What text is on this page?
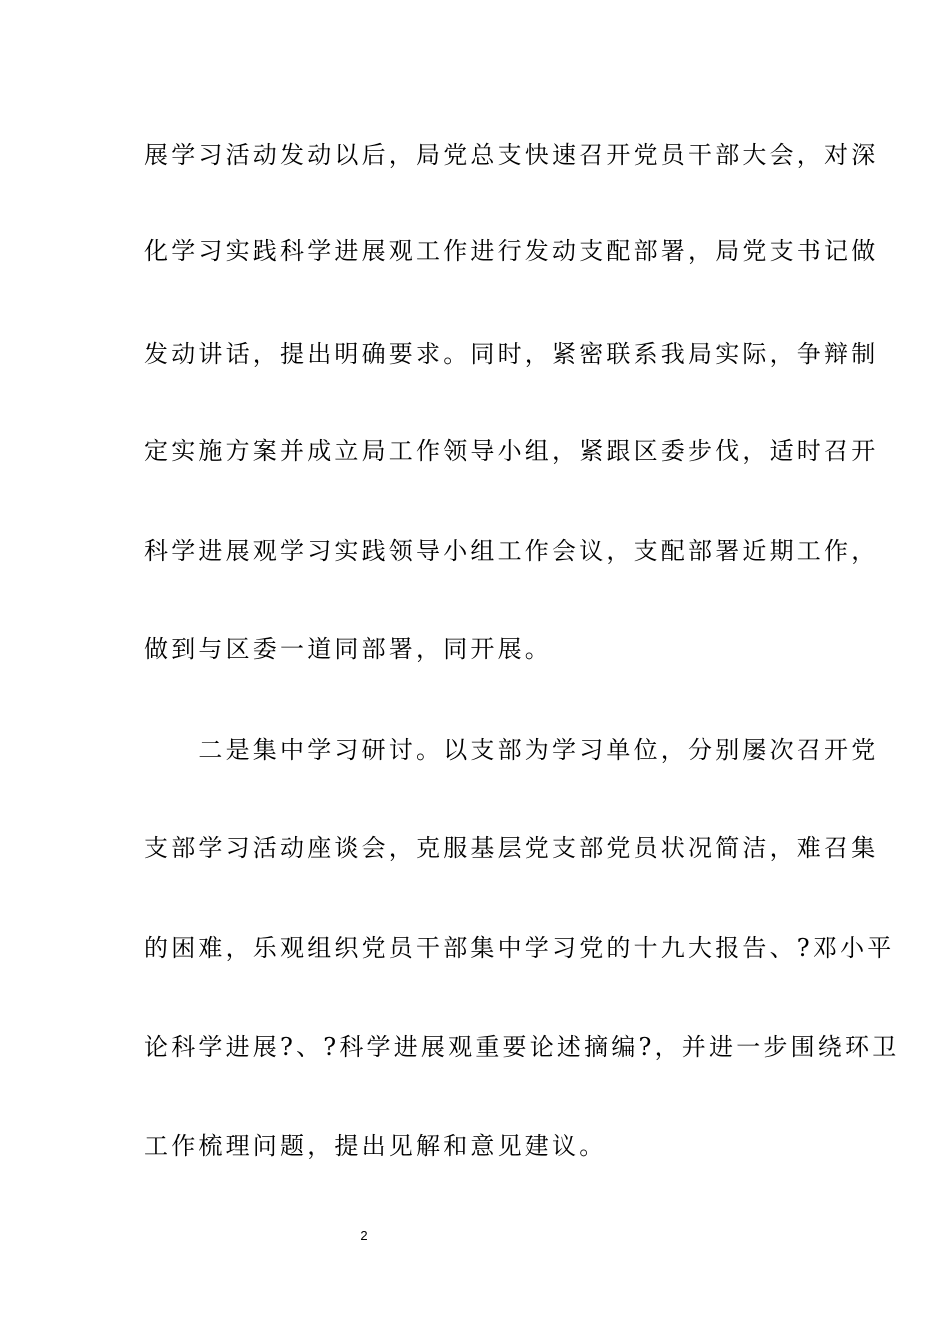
展学习活动发动以后，局党总支快速召开党员干部大会，对深
化学习实践科学进展观工作进行发动支配部署，局党支书记做
发动讲话，提出明确要求。同时，紧密联系我局实际，争辩制
定实施方案并成立局工作领导小组，紧跟区委步伐，适时召开
科学进展观学习实践领导小组工作会议，支配部署近期工作，
做到与区委一道同部署，同开展。
　　二是集中学习研讨。以支部为学习单位，分别屡次召开党
支部学习活动座谈会，克服基层党支部党员状况简洁，难召集
的困难，乐观组织党员干部集中学习党的十九大报告、?邓小平
论科学进展?、?科学进展观重要论述摘编?，并进一步围绕环卫
工作梳理问题，提出见解和意见建议。
2
